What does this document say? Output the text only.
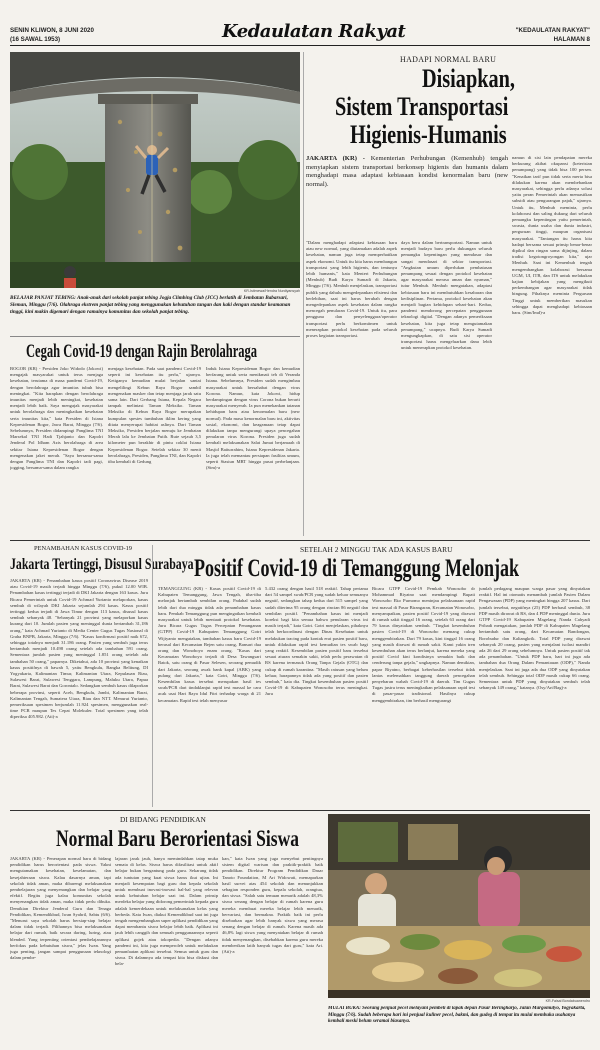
SENIN KLIWON, 8 JUNI 2020
(16 SAWAL 1953)	Kedaulatan Rakyat	"KEDAULATAN RAKYAT"
HALAMAN 8
KR-Istimewa/Hendra Nurdiyansyah
BELAJAR PANJAT TEBING: Anak-anak dari sekolah panjat tebing Jogja Climbing Club (JCC) berlatih di Jembatan Babarsari, Sleman, Minggu (7/6). Olahraga ekstrem panjat tebing yang menggunakan kebutuhan tangan dan kaki dengan standar keamanan tinggi, kini makin digemari dengan ramainya komunitas dan sekolah panjat tebing.
HADAPI NORMAL BARU
Disiapkan,
Sistem Transportasi
Higienis-Humanis
JAKARTA (KR) - Kementerian Perhubungan (Kemenhub) tengah menyiapkan sistem transportasi berkonsep higienis dan humanis dalam menghadapi masa adaptasi kebiasaan kondisi kenormalan baru (new normal).
"Dalam menghadapi adaptasi kebiasaan baru atau new normal, yang diutamakan adalah aspek kesehatan, namun juga tetap memperhatikan aspek ekonomi. Untuk itu kita harus membangun transportasi yang lebih higienis, dan tentunya lebih humanis," kata Menteri Perhubungan (Menhub) Budi Karya Sumadi di Jakarta, Minggu (7/6). Menhub menjelaskan, transportasi publik yang dahulu mengedepankan efisiensi dan berlebihan, saat ini harus berubah dengan mengedepankan aspek kesehatan dalam rangka mencegah penularan Covid-19. Untuk itu, para pengguna dan penyelenggara/operator transportasi perlu berkomitmen untuk menerapkan protokol kesehatan pada seluruh proses kegiatan transportasi.
daya beru dalam bertransportasi. Namun untuk menjadi budaya baru perlu dukungan seluruh pemangku kepentingan yang mendasar dan sangat mendasari di sektor transportasi. "Angkutan umum diperlukan pembatasan penumpang sesuai dengan protokol kesehatan agar masyarakat merasa aman dan nyaman," tutur Menhub. Menhub mengatakan, adaptasi kebiasaan baru ini membutuhkan kesabaran dan kedisiplinan. Pertama, protokol kesehatan akan menjadi bagian kehidupan sehari-hari. Kedua, pandemi mendorong percepatan penggunaan teknologi digital. "Dengan adanya pemeriksaan kesehatan, kita juga tetap mengutamakan penumpang," ucapnya. Budi Karya Sumadi mengungkapkan, di satu sisi operator transportasi harus mengeluarkan dana lebih untuk menerapkan protokol kesehatan.
namun di sisi lain pendapatan mereka berkurang akibat okupansi (keterisian penumpang) yang tidak bisa 100 persen. "Kenaikan tarif pun tidak serta merta bisa dilakukan karena akan membebankan masyarakat, sehingga perlu adanya solusi yaitu peran Pemerintah akan memastikan subsidi atau pengurangan pajak," ujarnya. Untuk itu, Menhub meminta, perlu kolaborasi dan saling dukung dari seluruh pemangku kepentingan yaitu pemerintah, swasta, dunia usaha dan dunia industri, perguruan tinggi, maupun organisasi masyarakat. "Tantangan itu harus kita hadapi bersama sesuai prinsip benar-benar dipikul dan ringan sama dijinjing, dalam tradisi kegotongroyongan kita," ujar Menhub. Saat ini Kemenhub tengah mengembangkan kolaborasi bersama UGM, UI, ITB, dan ITS untuk melakukan kajian kebijakan yang mengikuti perkembangan agar masyarakat tidak bingung. Pihaknya meminta Perguruan Tinggi untuk memberikan masukan sehingga dapat menghadapi kebiasaan baru. (Sim/Imd)-a
Cegah Covid-19 dengan Rajin Berolahraga
BOGOR (KR) - Presiden Joko Widodo (Jokowi) mengajak masyarakat untuk terus menjaga kesehatan, terutama di masa pandemi Covid-19, dengan berolahraga agar imunitas tubuh bisa meningkat. "Kita harapkan dengan berolahraga imunitas menjadi lebih meningkat, kesehatan menjadi lebih baik. Saya mengajak masyarakat untuk berolahraga dan meningkatkan kesehatan serta imunitas kita," kata Presiden di Istana Kepresidenan Bogor, Jawa Barat, Minggu (7/6). Sebelumnya, Presiden didampingi Panglima TNI Marsekal TNI Hadi Tjahjanto dan Kapolri Jenderal Pol Idham Azis berolahraga di area sekitar Istana Kepresidenan Bogor dengan mengenakan jaket merah. "Saya bersama-sama dengan Panglima TNI dan Kapolri tadi pagi, jogging, bersama-sama dalam rangka
menjaga kesehatan. Pada saat pandemi Covid-19 seperti ini kesehatan itu perlu," ujarnya. Ketiganya kemudian mulai berjalan santai mengelilingi Kebun Raya Bogor sambil mengenakan masker dan tetap menjaga jarak satu sama lain. Dari Gerbang Istana, Kepala Negara tampak melintasi Taman Meksiko. Taman Meksiko di Kebun Raya Bogor merupakan kumpulan spesies tumbuhan iklim kering yang ditata menyerupai habitat aslinya. Dari Taman Meksiko, Presiden berjalan menuju ke Jembatan Merah lalu ke Jembatan Putih. Rute sejauh 3,5 kilometer pun berakhir di pintu coklat Istana Kepresidenan Bogor. Setelah sekitar 30 menit berolahraga, Presiden, Panglima TNI, dan Kapolri tiba kembali di Gedung
Induk Istana Kepresidenan Bogor dan kemudian berfarang untuk serta menikmati teh di Veranda Istana. Sebelumnya, Presiden sudah mengimbau masyarakat untuk bersahabat dengan virus Korona. Namun, kata Jokowi, hidup berdampingan dengan virus Corona bukan berarti masyarakat menyerah. Ia pun menekankan tatanan kehidupan baru atau kenormalan baru (new normal). Pada masa kenormalan baru ini, aktivitas sosial, ekonomi, dan keagamaan tetap dapat dilakukan tanpa mengurangi upaya pencegahan penularan virus Korona. Presiden juga sudah kembali melaksanakan Salat Jumat berjamaah di Masjid Baiturrahim, Istana Kepresidenan Jakarta. Ia juga telah memantau persiapan fasilitas umum, seperti Stasiun MRT hingga pusat perbelanjaan. (Sim)-a
PENAMBAHAN KASUS COVID-19
Jakarta Tertinggi, Disusul Surabaya
JAKARTA (KR) - Penambahan kasus positif Coronavirus Disease 2019 atau Covid-19 masih terjadi hingga Minggu (7/6), pukul 12.00 WIB. Penambahan kasus tertinggi terjadi di DKI Jakarta dengan 163 kasus. Juru Bicara Pemerintah untuk Covid-19 Achmad Yurianto melaporkan, kasus sembuh di wilayah DKI Jakarta sejumlah 294 kasus. Kasus positif tertinggi kedua terjadi di Jawa Timur dengan 113 kasus, disusul kasus sembuh sebanyak 48. "Sebanyak 21 provinsi yang melaporkan kasus kurang dari 10. Jumlah pasien yang meninggal dunia bertambah 31,186 orang," kata Achmad Yurianto di Media Center Gugus Tugas Nasional di Graha BNPB, Jakarta, Minggu (7/6). "Kasus konfirmasi positif naik 672, sehingga totalnya menjadi 31.186 orang. Pasien yang sembuh juga terus bertambah menjadi 10.498 orang setelah ada tambahan 591 orang. Sementara jumlah pasien yang meninggal 1.851 orang setelah ada tambahan 50 orang," paparnya. Diketahui, ada 10 provinsi yang kenaikan kasus positifnya di bawah 5, yaitu Bengkulu, Bangka Belitung, DI Yogyakarta, Kalimantan Timur, Kalimantan Utara, Kepulauan Riau, Sulawesi Barat, Sulawesi Tenggara, Lampung, Maluku Utara, Papua Barat, Sulawesi Barat dan Gorontalo. Sedangkan sembuh kasus dilaporkan beberapa provinsi, seperti Aceh, Bengkulu, Jambi, Kalimantan Barat, Kalimantan Tengah, Sumatera Utara, Riau dan NTT. Menurut Yurianto, pemeriksaan spesimen berjumlah 11.924 spesimen, menggunakan real-time PCR maupun Tes Cepat Molekuler. Total spesimen yang telah diperiksa 405.982. (Ati)-a
SETELAH 2 MINGGU TAK ADA KASUS BARU
Positif Covid-19 di Temanggung Melonjak
TEMANGGUNG (KR) - Kasus positif Covid-19 di Kabupaten Temanggung, Jawa Tengah, tiba-tiba melonjak bertambah sembilan orang. Padahal sudah lebih dari dua minggu tidak ada penambahan kasus baru. Pemkab Temanggung pun mengingatkan kembali masyarakat untuk lebih mentaati protokol kesehatan. Juru Bicara Gugus Tugas Percepatan Penanganan (GTPP) Covid-19 Kabupaten Temanggung Gotri Wijiyanto mengatakan, tambahan kasus baru Covid-19 berasal dari Kecamatan Bejen satu orang, Bansari dua orang dan Wonoboyo enam orang. "Kasus dari Kecamatan Wonoboyo terjadi di Desa Tawangsari Batok, satu orang di Pasar Selesen, seorang pemudik dari Jakarta, seorang awak bank kapal (ABK) yang pulang dari Jakarta," kata Gotri, Minggu (7/6). Kesembilan kasus tersebut merupakan hasil tes swab/PCR dari tindaklanjut rapid test massal ke cara acak usai Hari Raya Idul Fitri terhadap warga di 21 kecamatan. Rapid test telah menyasar
5.432 orang dengan hasil 518 reaktif. Tahap pertama dari 54 sampel swab/PCR yang sudah keluar semuanya negatif, sedangkan tahap kedua dari 515 sampel yang sudah diterima 95 orang dengan rincian 86 negatif dan sembilan positif. "Penambahan kasus ini menjadi koreksi bagi kita semua bahwa penularan virus ini masih terjadi," kata Gotri. Gotri menjelaskan, pihaknya telah berkoordinasi dengan Dinas Kesehatan untuk melakukan tracing pada kontak erat pasien positif baru, untuk dilakukan rapid test kemudian tes swab bagi yang reaktif. Kesembilan pasien positif baru tersebut sesuai aturan semakin sakit, telah perlu perawatan di RS karena termasuk Orang Tanpa Gejala (OTG) dan cukup di rumah karantina. "Masih ratusan yang belum keluar, harapannya tidak ada yang positif dan pasien sembuh," kata dia. Tingkat kesembuhan pasien positif Covid-19 di Kabupaten Wonosobo terus meningkat. Juru
Bicara GTPP Covid-19 Pemkab Wonosobo dr Mohammad Riyatno saat mendampingi Bupati Wonosobo Eko Purnomo meninjau pelaksanaan rapid test massal di Pasar Birangaran, Kecamatan Wonosobo, menyampaikan, pasien positif Covid-19 yang dirawat di rumah sakit tinggal 16 orang, setelah 63 orang dari 79 kasus dinyatakan sembuh. "Tingkat kesembuhan pasien Covid-19 di Wonosobo memang cukup menggembirakan. Dari 79 kasus, kini tinggal 16 orang yang masih dirawat di rumah sakit. Kami yakin tren kesembuhan akan terus berlanjut, karena mereka yang positif Covid kini kondisinya semakin baik dan cenderung tanpa gejala," ungkapnya. Namun demikian, papar Riyatno, berbagai keberhasilan tersebut tidak lantas melemahkan tanggung daerah pencegahan penyebaran wabah Covid-19 di daerah. Tim Gugus Tugas justru terus meningkatkan pelaksanaan rapid test di pasar-pasar tradisional. Hasilnya cukup menggembirakan, tim berhasil mengurangi
jumlah pedagang maupun warga pasar yang dinyatakan reaktif. Hal ini otomatis menambah jumlah Pasien Dalam Pengawasan (PDP) yang meningkat hingga 207 kasus. Dari jumlah tersebut, negatifnya (25) PDP berhasil sembuh, 38 PDP masih dirawat di RS, dan 4 PDP meninggal dunia. Juru GTPP Covid-19 Kabupaten Magelang Nanda Cahyadi Pribadi mengatakan, jumlah PDP di Kabupaten Magelang bertambah satu orang, dari Kecamatan Bandongan, Borobudur dan Kaliangkrik. Total PDP yang dirawat sebanyak 20 orang, pasien yang menjalani isolasi mandiri ada 26 dari 29 orang sebelumnya. Untuk pasien positif tak ada penambahan. "Untuk PDP baru, hari ini juga ada tambahan dua Orang Dalam Pemantauan (ODP)," Nanda menjelaskan. Saat ini juga ada dua ODP yang dinyatakan telah sembuh. Sehingga total ODP masih cukup 66 orang. Sementara untuk PDP yang dinyatakan sembuh telah sebanyak 149 orang," katanya. (Osy/Art/Bag)-a
DI BIDANG PENDIDIKAN
Normal Baru Berorientasi Siswa
JAKARTA (KR) - Penerapan normal baru di bidang pendidikan harus berorientasi pada siswa. Yakni mengutamakan kesehatan, keselamatan, dan kesejahteraan siswa. Kalau dasarnya aman, tapi sekolah tidak aman, maka dibarengi melaksanakan pembelajaran yang menyenangkan dan belajar yang efektif. Begitu juga kalau komunitas sekolah menyenangkan tidak aman, maka tidak perlu dibuka. Demikian Direktur Jenderal Guru dan Tenaga Pendidikan, Kemendikbud, Iwan Syahril, Sabtu (6/6). "Menurut saya sekolah harus bersiap-siap belajar dalam tidak terjadi. Pilihannya bisa melaksanakan belajar dari rumah, baik secara daring, luring, atau blended. Yang terpenting orientasi pembelajarannya berfokus pada kebutuhan siswa," jelas Iwan. Yang juga penting, jangan sampai penggunaan teknologi dalam pembe-
lajaran jarak jauh, hanya memindahkan tatap muka semata di kelas. Siswa harus difasilitasi untuk aktif belajar bukan bergantung pada guru. Sekarang tidak ada tuntutan yang kuat siswa harus ikut ujian. Ini menjadi kesempatan bagi guru dan kepala sekolah untuk membuat inovasi-inovasi hal-hal yang relevan untuk kebutuhan belajar saat ini. Dalam prinsip merdeka belajar yang didorong pemerintah kepada guru adalah kemerdekaan untuk melaksanakan kelas yang berbeda. Kata Iwan, diakui Kemendikbud saat ini juga tengah mengembangkan super aplikasi pendidikan yang dapat membantu siswa belajar lebih baik. Aplikasi ini jauh lebih canggih dan semuah penggunaannya seperti aplikasi gojek atau tokopedia. "Dengan adanya pandemi ini, kita juga memperoleh untuk melakukan pemanfaatan aplikasi tersebut. Semua untuk guru dan siswa. Di dalamnya ada tempat kita bisa diskusi dan bela-
kan," kata Iwan yang juga menyebut pentingnya sistem digital warisan dan praktik-praktik baik pendidikan. Direktur Program Pendidikan Dasar Tanoto Foundation, M Ari Widowati, memaparkan hasil survei atas 454 sekolah dan menunjukkan sebagian responden guru, kepala sekolah, orangtua, dan siswa. "Salah satu temuan menarik adalah 48,3% siswa senang dengan belajar di rumah karena guru mereka membuat mereka belajar lebih menarik, bervariasi, dan bermakna. Praktik baik ini perlu disebarkan agar lebih banyak siswa yang merasa senang dengan belajar di rumah. Karena masih ada 46,8% lagi siswa yang menyatakan belajar di rumah tidak menyenangkan, disebabkan karena guru mereka memberikan latih banyak tugas dari guru," kata Ari. (Ati)-a
KR-Faisal Bondabuanendro
MULAI BUKA: Seorang penjual pecel melayani pembeli di lapak depan Pasar Beringharjo, Jalan Margomulyo, Yogyakarta, Minggu (7/6). Sudah beberapa hari ini penjual kuliner pecel, bakmi, dan gudeg di tempat itu mulai membuka usahanya kembali meski belum seramai biasanya.
